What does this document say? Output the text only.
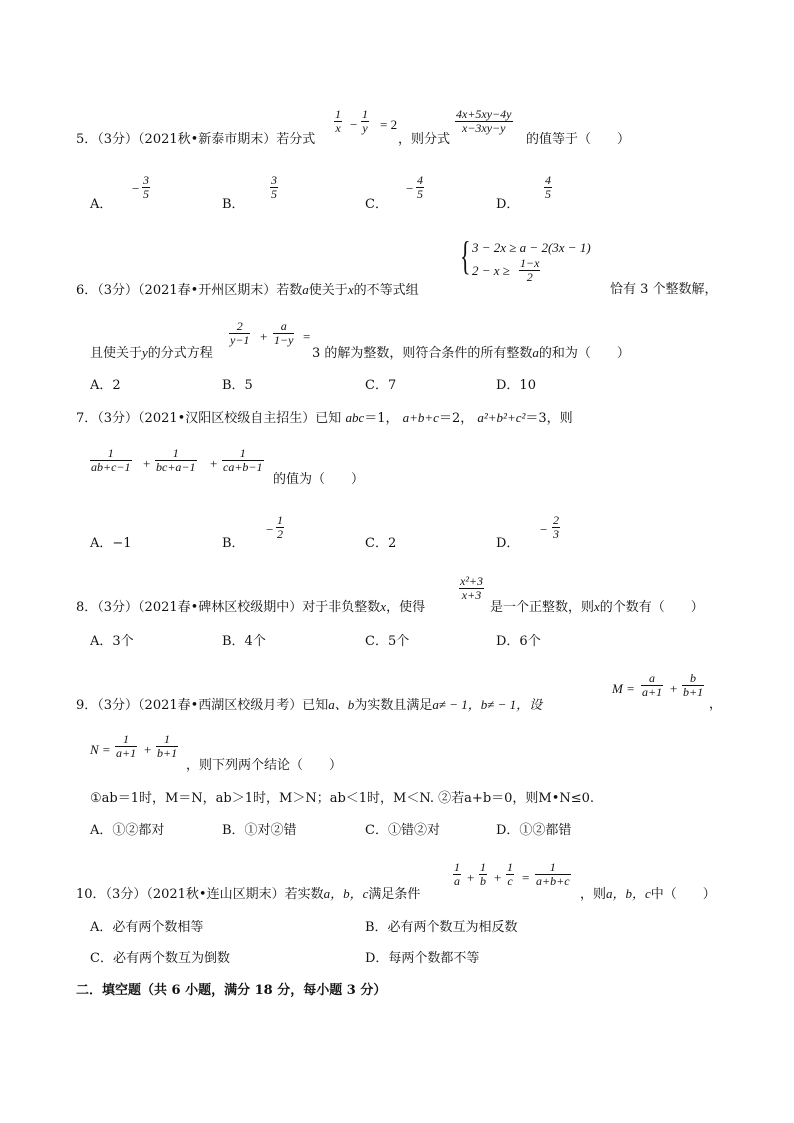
5．（3分）（2021秋•新泰市期末）若分式
$\frac{1}{x} - \frac{1}{y} = 2$
，则分式
$\frac{4x+5xy-4y}{x-3xy-y}$
的值等于（　　）
A．
− $\frac{3}{5}$
B．
$\frac{3}{5}$
C．
− $\frac{4}{5}$
D．
$\frac{4}{5}$
6．（3分）（2021春•开州区期末）若数a使关于x的不等式组
{ 3 − 2x ≥ a − 2(3x − 1)
$2 - x \ge \frac{1-x}{2}$
恰有 3 个整数解，
且使关于y的分式方程
$\frac{2}{y-1} + \frac{a}{1-y}$ =
3 的解为整数，则符合条件的所有整数a的和为（　　）
A．2	B．5	C．7	D．10
7．（3分）（2021•汉阳区校级自主招生）已知 abc＝1， a+b+c＝2， a²+b²+c²＝3，则
$\frac{1}{ab+c-1} + \frac{1}{bc+a-1} + \frac{1}{ca+b-1}$
的值为（　　）
A．−1	B．
− $\frac{1}{2}$
C．2	D．
− $\frac{2}{3}$
8．（3分）（2021春•碑林区校级期中）对于非负整数x，使得
$\frac{\text{x²+3}}{x+3}$
是一个正整数，则x的个数有（　　）
A．3个	B．4个	C．5个	D．6个
9．（3分）（2021春•西湖区校级月考）已知a、b为实数且满足a≠ − 1，b≠ − 1，设
$M = \frac{a}{a+1} + \frac{b}{b+1}$
，
$N = \frac{1}{a+1} + \frac{1}{b+1}$
，则下列两个结论（　　）
①ab＝1时，M＝N，ab＞1时，M＞N；ab＜1时，M＜N. ②若a+b＝0，则M•N≤0.
A．①②都对	B．①对②错	C．①错②对	D．①②都错
10．（3分）（2021秋•连山区期末）若实数a，b，c满足条件
$\frac{1}{a} + \frac{1}{b} + \frac{1}{c} = \frac{1}{a+b+c}$
，则a，b，c中（　　）
A．必有两个数相等	B．必有两个数互为相反数
C．必有两个数互为倒数	D．每两个数都不等
二．填空题（共 6 小题，满分 18 分，每小题 3 分）
